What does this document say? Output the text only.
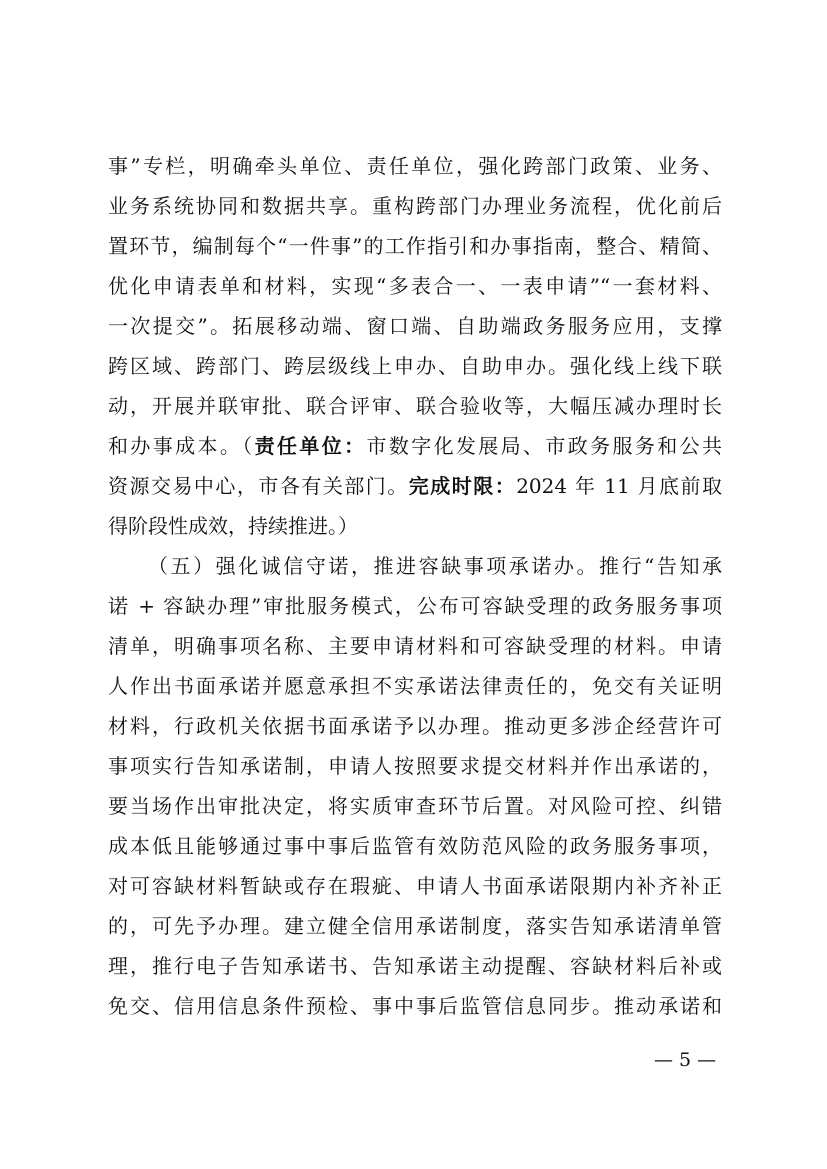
事”专栏，明确牵头单位、责任单位，强化跨部门政策、业务、
业务系统协同和数据共享。重构跨部门办理业务流程，优化前后
置环节，编制每个“一件事”的工作指引和办事指南，整合、精简、
优化申请表单和材料，实现“多表合一、一表申请”“一套材料、
一次提交”。拓展移动端、窗口端、自助端政务服务应用，支撑
跨区域、跨部门、跨层级线上申办、自助申办。强化线上线下联
动，开展并联审批、联合评审、联合验收等，大幅压减办理时长
和办事成本。（责任单位：市数字化发展局、市政务服务和公共
资源交易中心，市各有关部门。完成时限：2024 年 11 月底前取
得阶段性成效，持续推进。）
（五）强化诚信守诺，推进容缺事项承诺办。推行“告知承
诺 + 容缺办理”审批服务模式，公布可容缺受理的政务服务事项
清单，明确事项名称、主要申请材料和可容缺受理的材料。申请
人作出书面承诺并愿意承担不实承诺法律责任的，免交有关证明
材料，行政机关依据书面承诺予以办理。推动更多涉企经营许可
事项实行告知承诺制，申请人按照要求提交材料并作出承诺的，
要当场作出审批决定，将实质审查环节后置。对风险可控、纠错
成本低且能够通过事中事后监管有效防范风险的政务服务事项，
对可容缺材料暂缺或存在瑕疵、申请人书面承诺限期内补齐补正
的，可先予办理。建立健全信用承诺制度，落实告知承诺清单管
理，推行电子告知承诺书、告知承诺主动提醒、容缺材料后补或
免交、信用信息条件预检、事中事后监管信息同步。推动承诺和
— 5 —
